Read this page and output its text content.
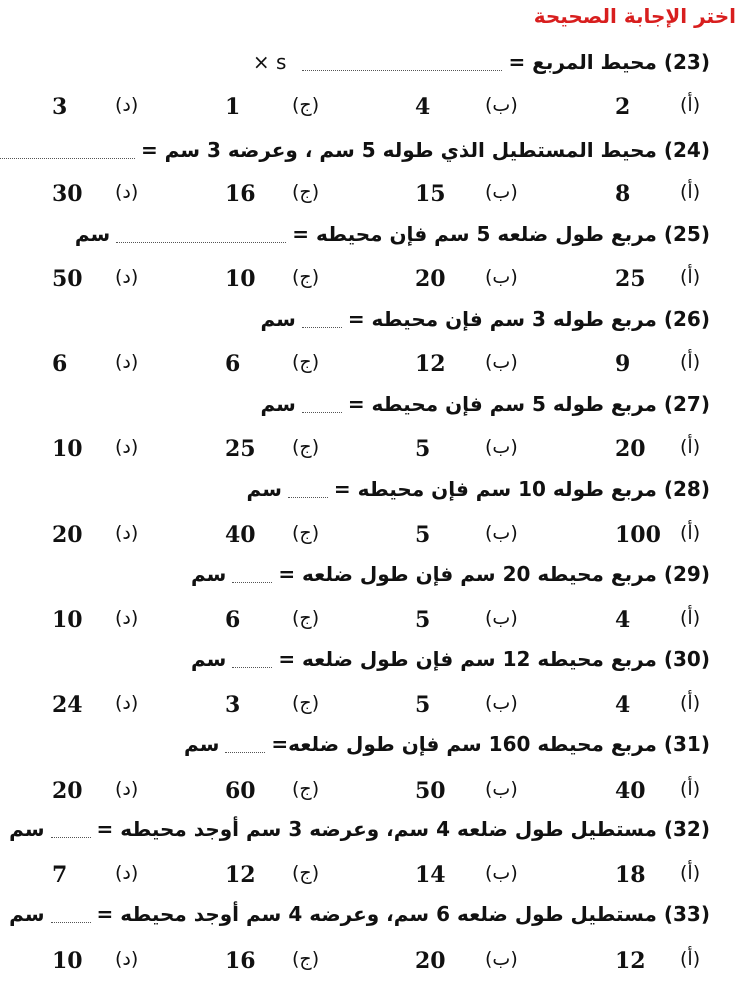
اختر الإجابة الصحيحة
(23) محيط المربع =s ×
(أ)
2
(ب)
4
(ج)
1
(د)
3
(24) محيط المستطيل الذي طوله 5 سم ، وعرضه 3 سم =
(أ)
8
(ب)
15
(ج)
16
(د)
30
(25) مربع طول ضلعه 5 سم فإن محيطه =سم
(أ)
25
(ب)
20
(ج)
10
(د)
50
(26) مربع طوله 3 سم فإن محيطه =سم
(أ)
9
(ب)
12
(ج)
6
(د)
6
(27) مربع طوله 5 سم فإن محيطه =سم
(أ)
20
(ب)
5
(ج)
25
(د)
10
(28) مربع طوله 10 سم فإن محيطه =سم
(أ)
100
(ب)
5
(ج)
40
(د)
20
(29) مربع محيطه 20 سم فإن طول ضلعه =سم
(أ)
4
(ب)
5
(ج)
6
(د)
10
(30) مربع محيطه 12 سم فإن طول ضلعه =سم
(أ)
4
(ب)
5
(ج)
3
(د)
24
(31) مربع محيطه 160 سم فإن طول ضلعه=سم
(أ)
40
(ب)
50
(ج)
60
(د)
20
(32) مستطيل طول ضلعه 4 سم، وعرضه 3 سم أوجد محيطه =سم
(أ)
18
(ب)
14
(ج)
12
(د)
7
(33) مستطيل طول ضلعه 6 سم، وعرضه 4 سم أوجد محيطه =سم
(أ)
12
(ب)
20
(ج)
16
(د)
10
